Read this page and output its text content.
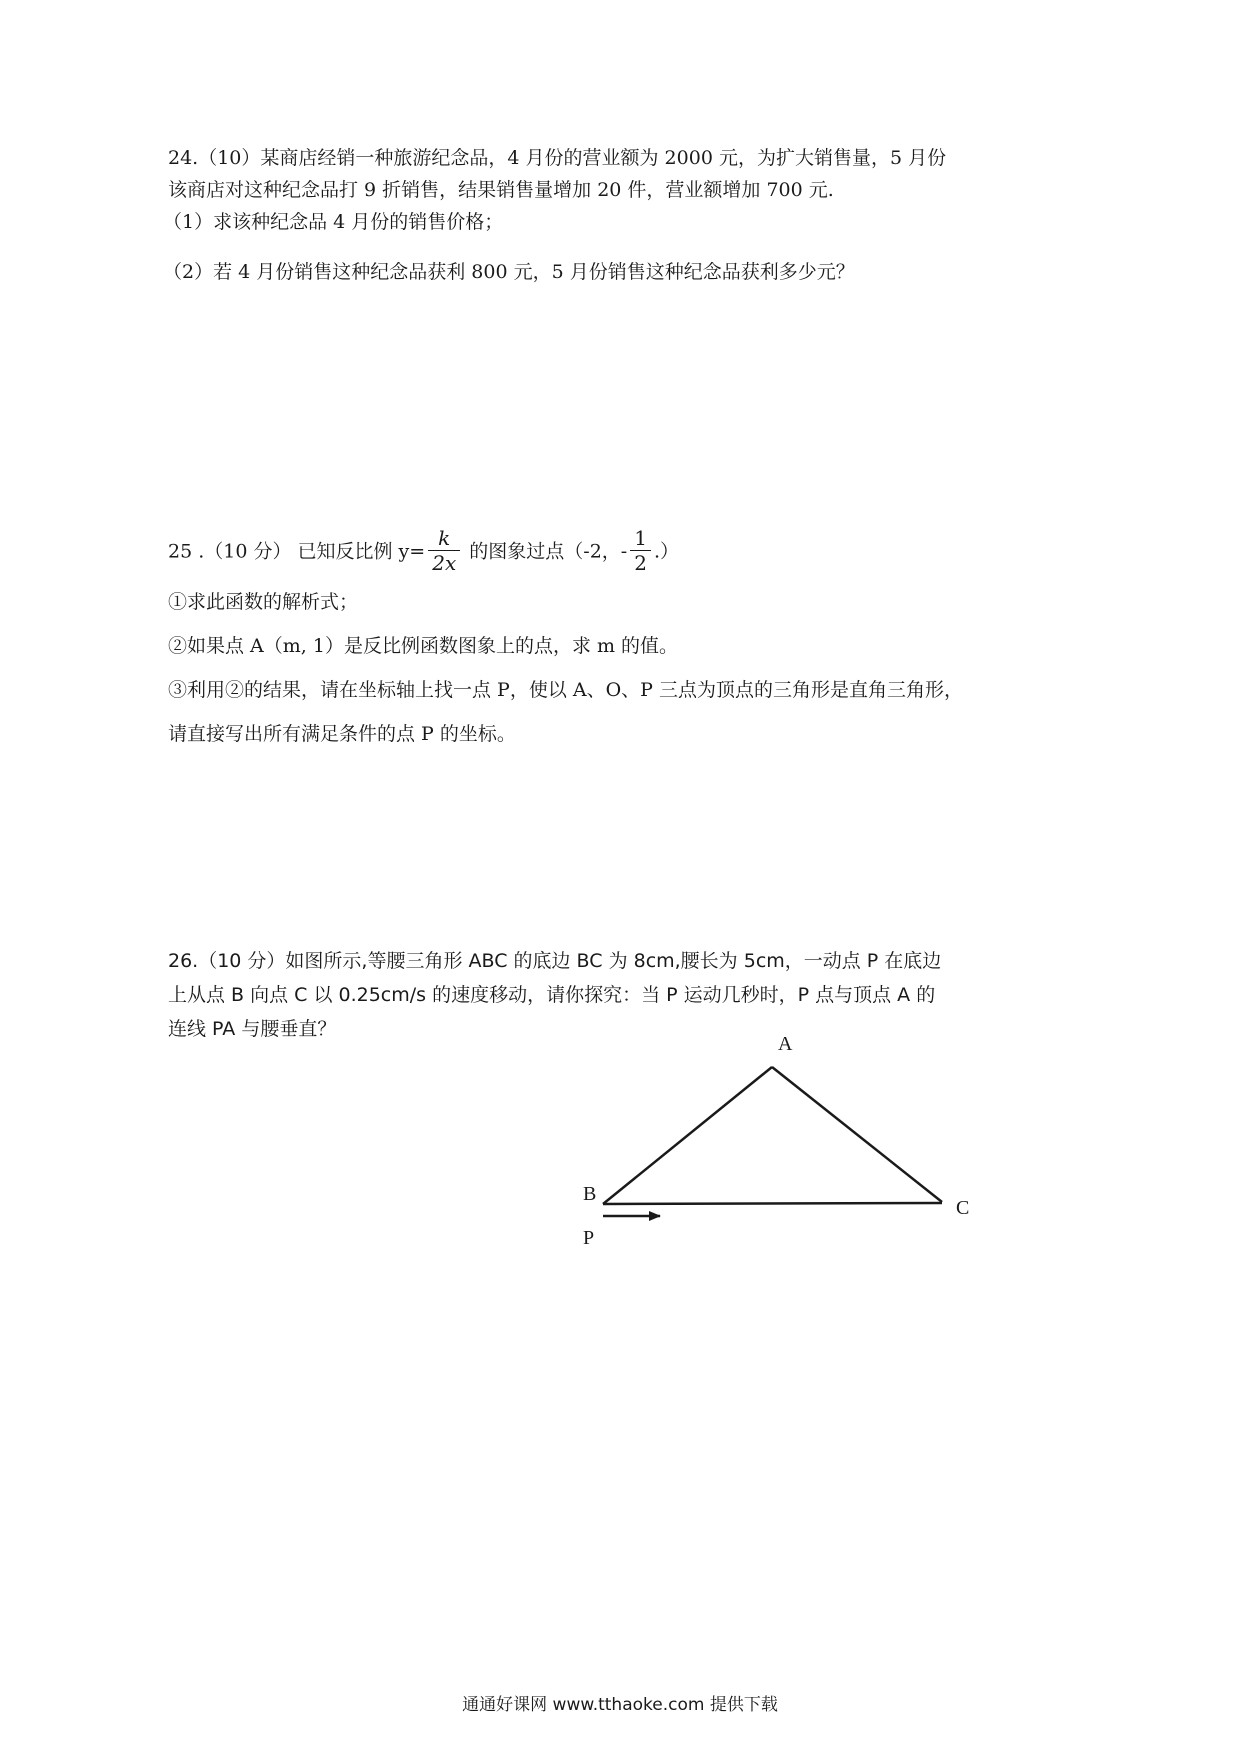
24.（10）某商店经销一种旅游纪念品，4 月份的营业额为 2000 元，为扩大销售量，5 月份
该商店对这种纪念品打 9 折销售，结果销售量增加 20 件，营业额增加 700 元.
（1）求该种纪念品 4 月份的销售价格；
（2）若 4 月份销售这种纪念品获利 800 元，5 月份销售这种纪念品获利多少元？
25 .（10 分） 已知反比例 $y= \frac{k}{2x}$ 的图象过点（-2，- $\frac{1}{2}$ .）
①求此函数的解析式；
②如果点 A（m, 1）是反比例函数图象上的点，求 m 的值。
③利用②的结果，请在坐标轴上找一点 P，使以 A、O、P 三点为顶点的三角形是直角三角形，
请直接写出所有满足条件的点 P 的坐标。
26.（10 分）如图所示,等腰三角形 ABC 的底边 BC 为 8cm,腰长为 5cm，一动点 P 在底边
上从点 B 向点 C 以 0.25cm/s 的速度移动，请你探究：当 P 运动几秒时，P 点与顶点 A 的
连线 PA 与腰垂直？
A
B
C
P
通通好课网 www.tthaoke.com 提供下载
